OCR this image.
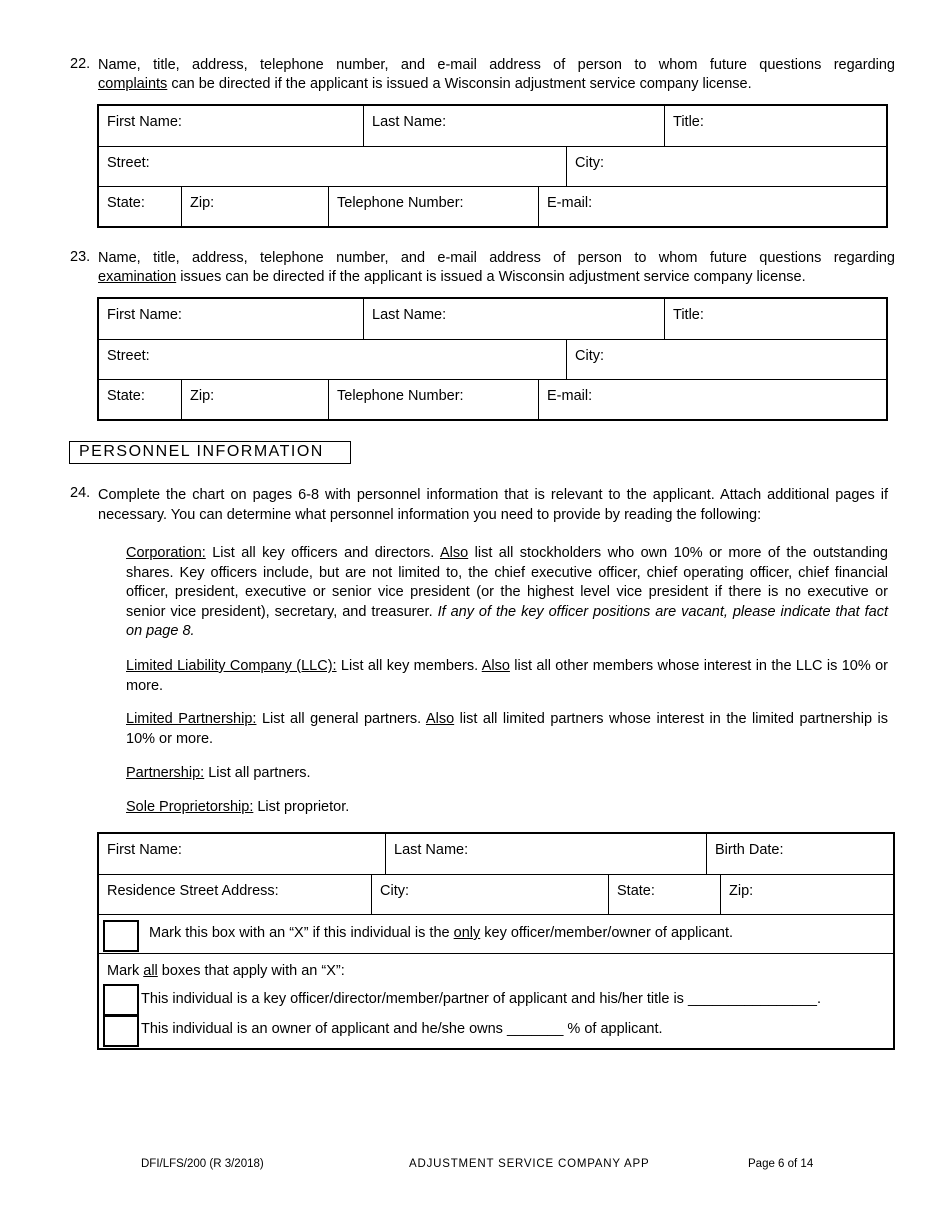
22. Name, title, address, telephone number, and e-mail address of person to whom future questions regarding
complaints can be directed if the applicant is issued a Wisconsin adjustment service company license.
First Name:	Last Name:	Title:
Street:	City:
State:	Zip:	Telephone Number:	E-mail:
23. Name, title, address, telephone number, and e-mail address of person to whom future questions regarding
examination issues can be directed if the applicant is issued a Wisconsin adjustment service company license.
First Name:	Last Name:	Title:
Street:	City:
State:	Zip:	Telephone Number:	E-mail:
PERSONNEL INFORMATION
24. Complete the chart on pages 6-8 with personnel information that is relevant to the applicant. Attach additional pages if necessary. You can determine what personnel information you need to provide by reading the following:
Corporation: List all key officers and directors. Also list all stockholders who own 10% or more of the outstanding shares. Key officers include, but are not limited to, the chief executive officer, chief operating officer, chief financial officer, president, executive or senior vice president (or the highest level vice president if there is no executive or senior vice president), secretary, and treasurer. If any of the key officer positions are vacant, please indicate that fact on page 8.
Limited Liability Company (LLC): List all key members. Also list all other members whose interest in the LLC is 10% or more.
Limited Partnership: List all general partners. Also list all limited partners whose interest in the limited partnership is 10% or more.
Partnership: List all partners.
Sole Proprietorship: List proprietor.
First Name:	Last Name:	Birth Date:
Residence Street Address:	City:	State:	Zip:
Mark this box with an “X” if this individual is the only key officer/member/owner of applicant.
Mark all boxes that apply with an “X”:
This individual is a key officer/director/member/partner of applicant and his/her title is ________________.
This individual is an owner of applicant and he/she owns _______ % of applicant.
DFI/LFS/200 (R 3/2018)	ADJUSTMENT SERVICE COMPANY APP	Page 6 of 14
